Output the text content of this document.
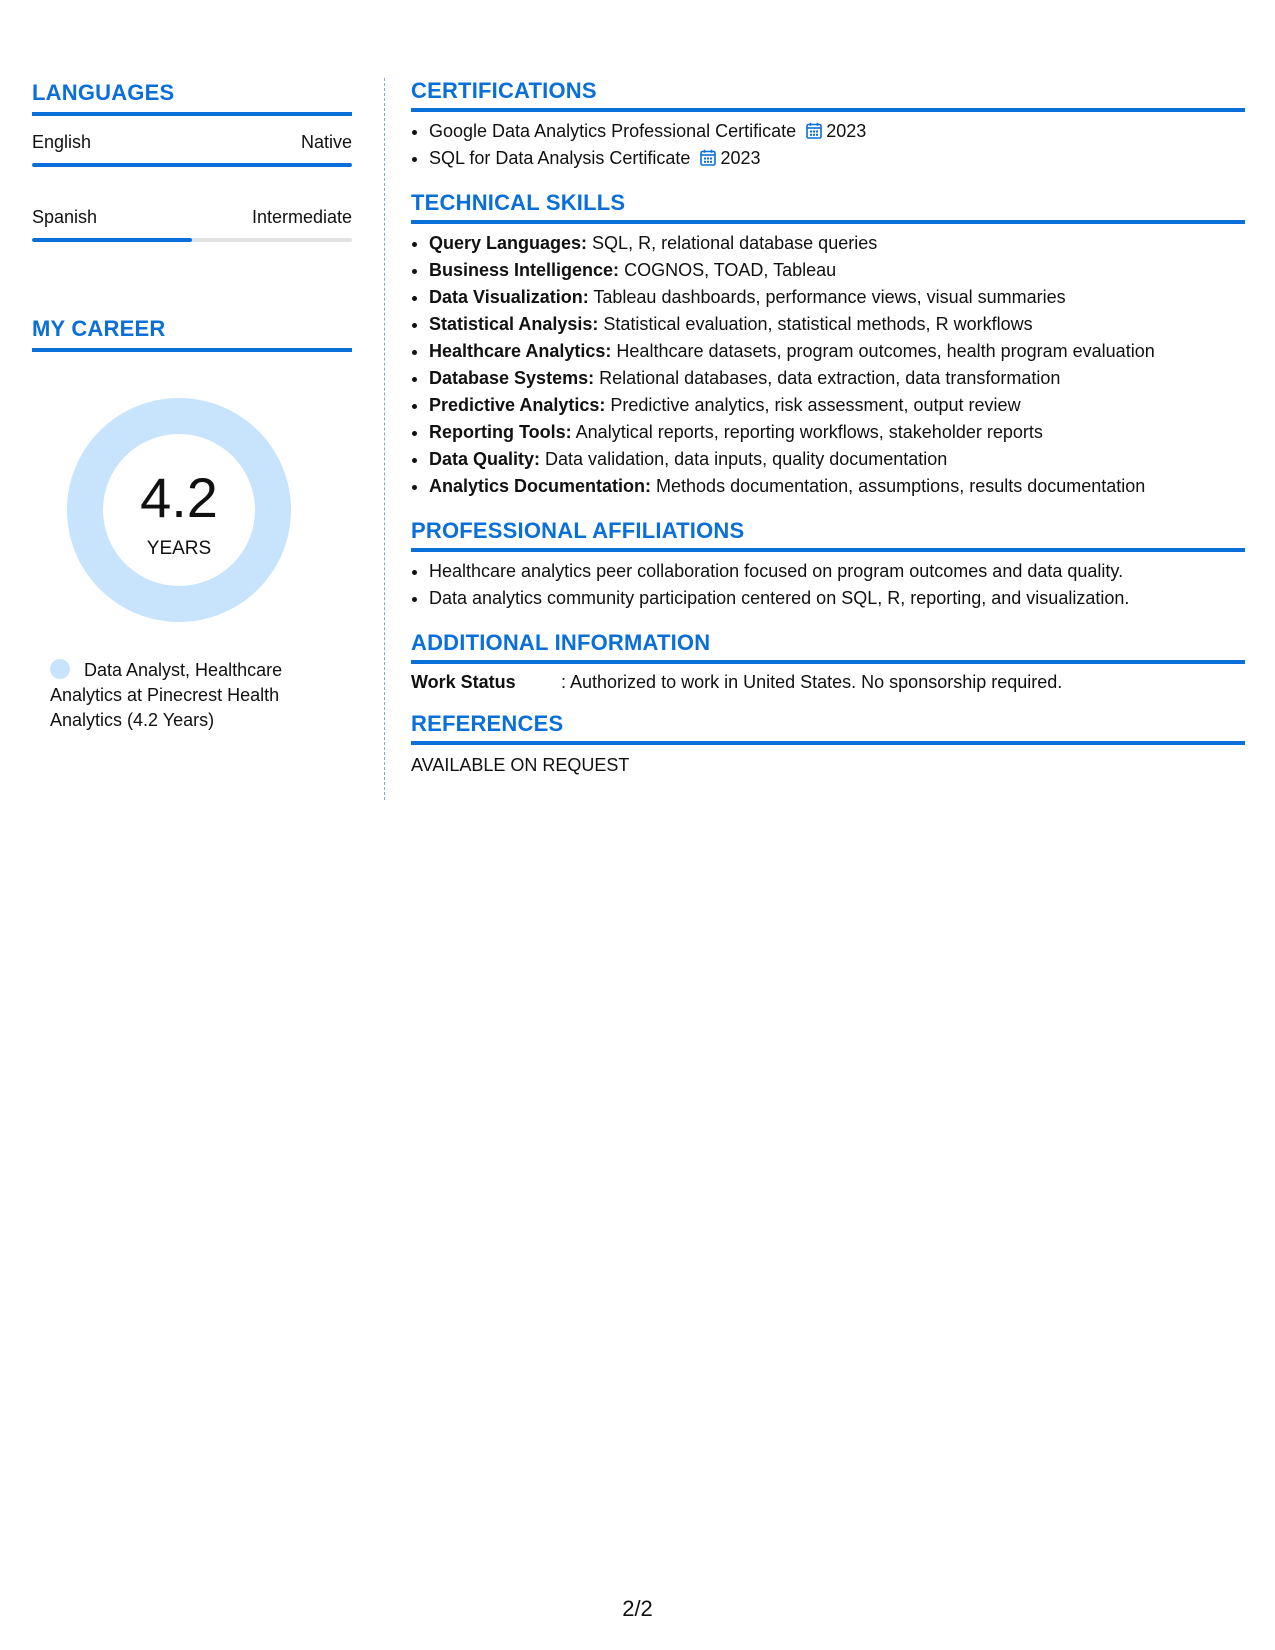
LANGUAGES
English	Native
Spanish	Intermediate
MY CAREER
4.2
YEARS
Data Analyst, Healthcare Analytics at Pinecrest Health Analytics (4.2 Years)
CERTIFICATIONS
• Google Data Analytics Professional Certificate 2023
• SQL for Data Analysis Certificate 2023
TECHNICAL SKILLS
• Query Languages: SQL, R, relational database queries
• Business Intelligence: COGNOS, TOAD, Tableau
• Data Visualization: Tableau dashboards, performance views, visual summaries
• Statistical Analysis: Statistical evaluation, statistical methods, R workflows
• Healthcare Analytics: Healthcare datasets, program outcomes, health program evaluation
• Database Systems: Relational databases, data extraction, data transformation
• Predictive Analytics: Predictive analytics, risk assessment, output review
• Reporting Tools: Analytical reports, reporting workflows, stakeholder reports
• Data Quality: Data validation, data inputs, quality documentation
• Analytics Documentation: Methods documentation, assumptions, results documentation
PROFESSIONAL AFFILIATIONS
• Healthcare analytics peer collaboration focused on program outcomes and data quality.
• Data analytics community participation centered on SQL, R, reporting, and visualization.
ADDITIONAL INFORMATION
Work Status	: Authorized to work in United States. No sponsorship required.
REFERENCES
AVAILABLE ON REQUEST
2/2
